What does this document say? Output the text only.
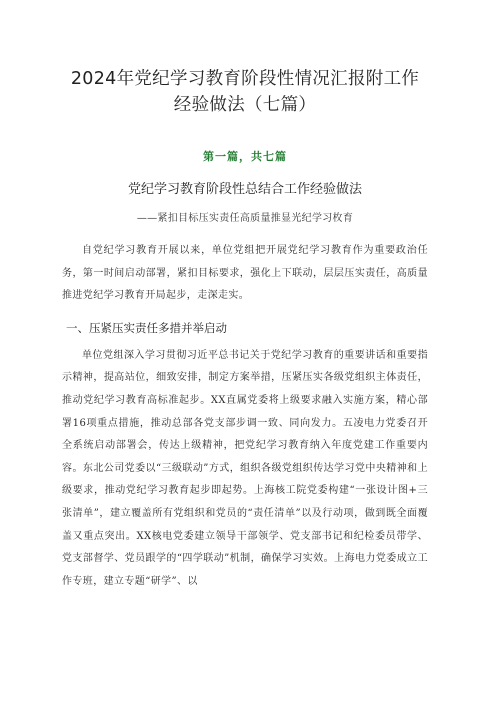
2024年党纪学习教育阶段性情况汇报附工作经验做法（七篇）
第一篇，共七篇
党纪学习教育阶段性总结合工作经验做法
——紧扣目标压实责任高质量推显光纪学习枚育

自党纪学习教育开展以来，单位党组把开展党纪学习教育作为重要政治任务，第一时间启动部署，紧扣目标要求，强化上下联动，层层压实责任，高质量推进党纪学习教育开局起步，走深走实。

一、压紧压实责任多措并举启动

单位党组深入学习贯彻习近平总书记关于党纪学习教育的重要讲话和重要指示精神，提高站位，细致安排，制定方案举措，压紧压实各级党组织主体责任，推动党纪学习教育高标准起步。XX直属党委将上级要求融入实施方案，精心部署16项重点措施，推动总部各党支部步调一致、同向发力。五凌电力党委召开全系统启动部署会，传达上级精神，把党纪学习教育纳入年度党建工作重要内容。东北公司党委以“三级联动”方式，组织各级党组织传达学习党中央精神和上级要求，推动党纪学习教育起步即起势。上海核工院党委构建“一张设计图+三张清单”，建立覆盖所有党组织和党员的“责任清单”以及行动项，做到既全面覆盖又重点突出。XX核电党委建立领导干部领学、党支部书记和纪检委员带学、党支部督学、党员跟学的“四学联动”机制，确保学习实效。上海电力党委成立工作专班，建立专题“研学”、以
